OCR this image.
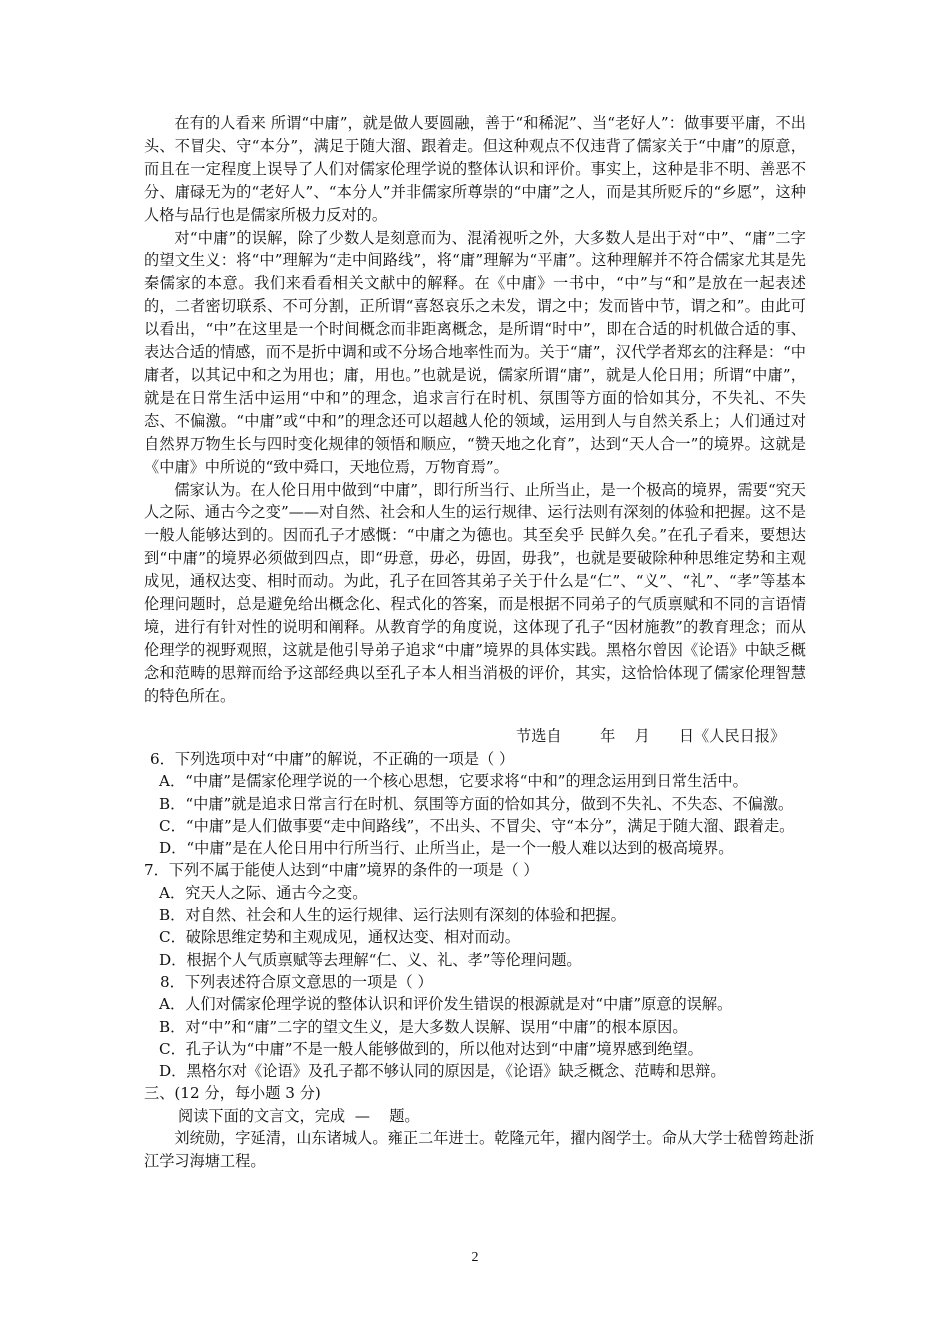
在有的人看来 所谓“中庸”，就是做人要圆融，善于“和稀泥”、当“老好人”：做事要平庸，不出头、不冒尖、守“本分”，满足于随大溜、跟着走。但这种观点不仅违背了儒家关于“中庸”的原意，而且在一定程度上误导了人们对儒家伦理学说的整体认识和评价。事实上，这种是非不明、善恶不分、庸碌无为的“老好人”、“本分人”并非儒家所尊崇的“中庸”之人，而是其所贬斥的“乡愿”，这种人格与品行也是儒家所极力反对的。

对“中庸”的误解，除了少数人是刻意而为、混淆视听之外，大多数人是出于对“中”、“庸”二字的望文生义：将“中”理解为“走中间路线”，将“庸”理解为“平庸”。这种理解并不符合儒家尤其是先秦儒家的本意。我们来看看相关文献中的解释。在《中庸》一书中，“中”与“和”是放在一起表述的，二者密切联系、不可分割，正所谓“喜怒哀乐之未发，谓之中；发而皆中节，谓之和”。由此可以看出，“中”在这里是一个时间概念而非距离概念，是所谓“时中”，即在合适的时机做合适的事、表达合适的情感，而不是折中调和或不分场合地率性而为。关于“庸”，汉代学者郑玄的注释是：“中庸者，以其记中和之为用也；庸，用也。”也就是说，儒家所谓“庸”，就是人伦日用；所谓“中庸”，就是在日常生活中运用“中和”的理念，追求言行在时机、氛围等方面的恰如其分，不失礼、不失态、不偏激。“中庸”或“中和”的理念还可以超越人伦的领域，运用到人与自然关系上；人们通过对自然界万物生长与四时变化规律的领悟和顺应，“赞天地之化育”，达到“天人合一”的境界。这就是《中庸》中所说的“致中舜口，天地位焉，万物育焉”。

儒家认为。在人伦日用中做到“中庸”，即行所当行、止所当止，是一个极高的境界，需要“究天人之际、通古今之变”——对自然、社会和人生的运行规律、运行法则有深刻的体验和把握。这不是一般人能够达到的。因而孔子才感慨：“中庸之为德也。其至矣乎 民鲜久矣。”在孔子看来，要想达到“中庸”的境界必须做到四点，即“毋意，毋必，毋固，毋我”，也就是要破除种种思维定势和主观成见，通权达变、相时而动。为此，孔子在回答其弟子关于什么是“仁”、“义”、“礼”、“孝”等基本伦理问题时，总是避免给出概念化、程式化的答案，而是根据不同弟子的气质禀赋和不同的言语情境，进行有针对性的说明和阐释。从教育学的角度说，这体现了孔子“因材施教”的教育理念；而从伦理学的视野观照，这就是他引导弟子追求“中庸”境界的具体实践。黑格尔曾因《论语》中缺乏概念和范畴的思辩而给予这部经典以至孔子本人相当消极的评价，其实，这恰恰体现了儒家伦理智慧的特色所在。

节选自        年    月      日《人民日报》

6．下列选项中对“中庸”的解说，不正确的一项是（ ）

A．“中庸”是儒家伦理学说的一个核心思想，它要求将“中和”的理念运用到日常生活中。

B．“中庸”就是追求日常言行在时机、氛围等方面的恰如其分，做到不失礼、不失态、不偏激。

C．“中庸”是人们做事要“走中间路线”，不出头、不冒尖、守“本分”，满足于随大溜、跟着走。

D．“中庸”是在人伦日用中行所当行、止所当止，是一个一般人难以达到的极高境界。

7．下列不属于能使人达到“中庸”境界的条件的一项是（ ）

A．究天人之际、通古今之变。

B．对自然、社会和人生的运行规律、运行法则有深刻的体验和把握。

C．破除思维定势和主观成见，通权达变、相对而动。

D．根据个人气质禀赋等去理解“仁、义、礼、孝”等伦理问题。

8．下列表述符合原文意思的一项是（ ）

A．人们对儒家伦理学说的整体认识和评价发生错误的根源就是对“中庸”原意的误解。

B．对“中”和“庸”二字的望文生义，是大多数人误解、误用“中庸”的根本原因。

C．孔子认为“中庸”不是一般人能够做到的，所以他对达到“中庸”境界感到绝望。

D．黑格尔对《论语》及孔子都不够认同的原因是，《论语》缺乏概念、范畴和思辩。

三、(12 分，每小题 3 分)

阅读下面的文言文，完成  —    题。

刘统勋，字延清，山东诸城人。雍正二年进士。乾隆元年，擢内阁学士。命从大学士嵇曾筠赴浙江学习海塘工程。

2
